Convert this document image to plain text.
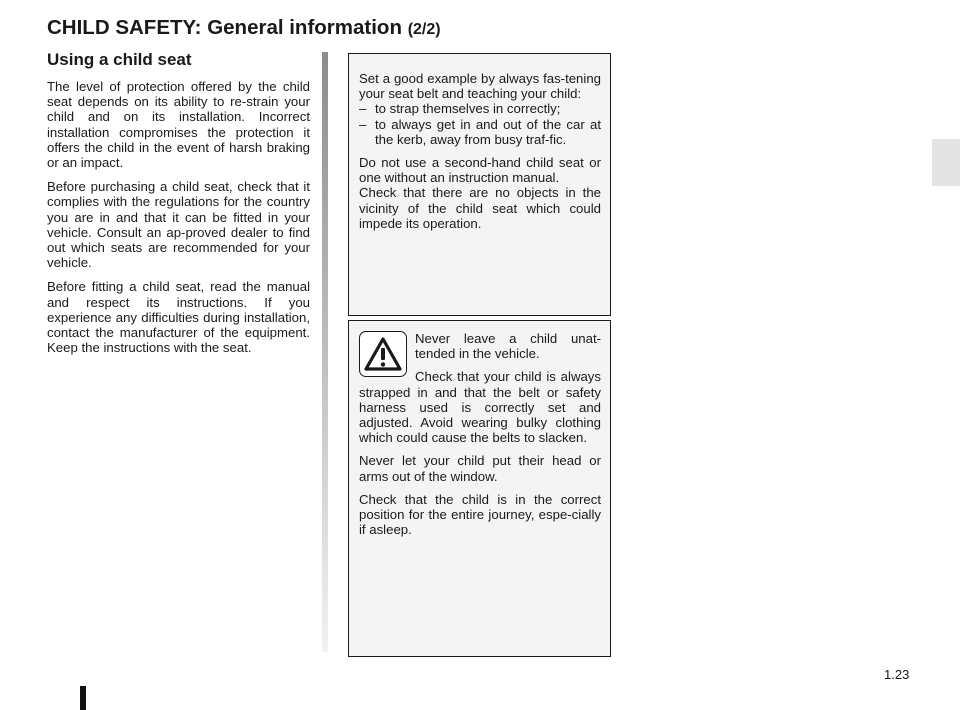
CHILD SAFETY: General information (2/2)
Using a child seat

The level of protection offered by the child seat depends on its ability to re-strain your child and on its installation. Incorrect installation compromises the protection it offers the child in the event of harsh braking or an impact.

Before purchasing a child seat, check that it complies with the regulations for the country you are in and that it can be fitted in your vehicle. Consult an ap-proved dealer to find out which seats are recommended for your vehicle.

Before fitting a child seat, read the manual and respect its instructions. If you experience any difficulties during installation, contact the manufacturer of the equipment. Keep the instructions with the seat.

Set a good example by always fas-tening your seat belt and teaching your child:

– to strap themselves in correctly;
– to always get in and out of the car at the kerb, away from busy traf-fic.

Do not use a second-hand child seat or one without an instruction manual.

Check that there are no objects in the vicinity of the child seat which could impede its operation.

Never leave a child unat-tended in the vehicle.

Check that your child is always strapped in and that the belt or safety harness used is correctly set and adjusted. Avoid wearing bulky clothing which could cause the belts to slacken.

Never let your child put their head or arms out of the window.

Check that the child is in the correct position for the entire journey, espe-cially if asleep.

1.23
